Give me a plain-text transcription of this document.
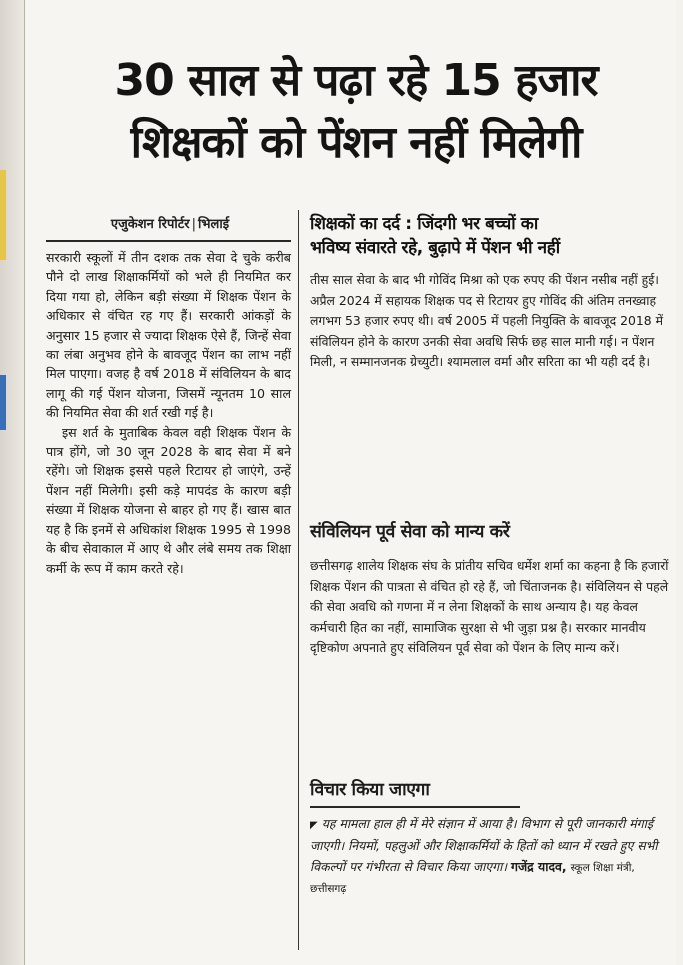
30 साल से पढ़ा रहे 15 हजार
शिक्षकों को पेंशन नहीं मिलेगी
एजुकेशन रिपोर्टर | भिलाई

सरकारी स्कूलों में तीन दशक तक सेवा दे चुके करीब पौने दो लाख शिक्षाकर्मियों को भले ही नियमित कर दिया गया हो, लेकिन बड़ी संख्या में शिक्षक पेंशन के अधिकार से वंचित रह गए हैं। सरकारी आंकड़ों के अनुसार 15 हजार से ज्यादा शिक्षक ऐसे हैं, जिन्हें सेवा का लंबा अनुभव होने के बावजूद पेंशन का लाभ नहीं मिल पाएगा। वजह है वर्ष 2018 में संविलियन के बाद लागू की गई पेंशन योजना, जिसमें न्यूनतम 10 साल की नियमित सेवा की शर्त रखी गई है।

इस शर्त के मुताबिक केवल वही शिक्षक पेंशन के पात्र होंगे, जो 30 जून 2028 के बाद सेवा में बने रहेंगे। जो शिक्षक इससे पहले रिटायर हो जाएंगे, उन्हें पेंशन नहीं मिलेगी। इसी कड़े मापदंड के कारण बड़ी संख्या में शिक्षक योजना से बाहर हो गए हैं। खास बात यह है कि इनमें से अधिकांश शिक्षक 1995 से 1998 के बीच सेवाकाल में आए थे और लंबे समय तक शिक्षा कर्मी के रूप में काम करते रहे।

शिक्षकों का दर्द : जिंदगी भर बच्चों का
भविष्य संवारते रहे, बुढ़ापे में पेंशन भी नहीं

तीस साल सेवा के बाद भी गोविंद मिश्रा को एक रुपए की पेंशन नसीब नहीं हुई। अप्रैल 2024 में सहायक शिक्षक पद से रिटायर हुए गोविंद की अंतिम तनख्वाह लगभग 53 हजार रुपए थी। वर्ष 2005 में पहली नियुक्ति के बावजूद 2018 में संविलियन होने के कारण उनकी सेवा अवधि सिर्फ छह साल मानी गई। न पेंशन मिली, न सम्मानजनक ग्रेच्युटी। श्यामलाल वर्मा और सरिता का भी यही दर्द है।

संविलियन पूर्व सेवा को मान्य करें

छत्तीसगढ़ शालेय शिक्षक संघ के प्रांतीय सचिव धर्मेश शर्मा का कहना है कि हजारों शिक्षक पेंशन की पात्रता से वंचित हो रहे हैं, जो चिंताजनक है। संविलियन से पहले की सेवा अवधि को गणना में न लेना शिक्षकों के साथ अन्याय है। यह केवल कर्मचारी हित का नहीं, सामाजिक सुरक्षा से भी जुड़ा प्रश्न है। सरकार मानवीय दृष्टिकोण अपनाते हुए संविलियन पूर्व सेवा को पेंशन के लिए मान्य करें।

विचार किया जाएगा
◤ यह मामला हाल ही में मेरे संज्ञान में आया है। विभाग से पूरी जानकारी मंगाई जाएगी। नियमों, पहलुओं और शिक्षाकर्मियों के हितों को ध्यान में रखते हुए सभी विकल्पों पर गंभीरता से विचार किया जाएगा। गजेंद्र यादव, स्कूल शिक्षा मंत्री, छत्तीसगढ़
